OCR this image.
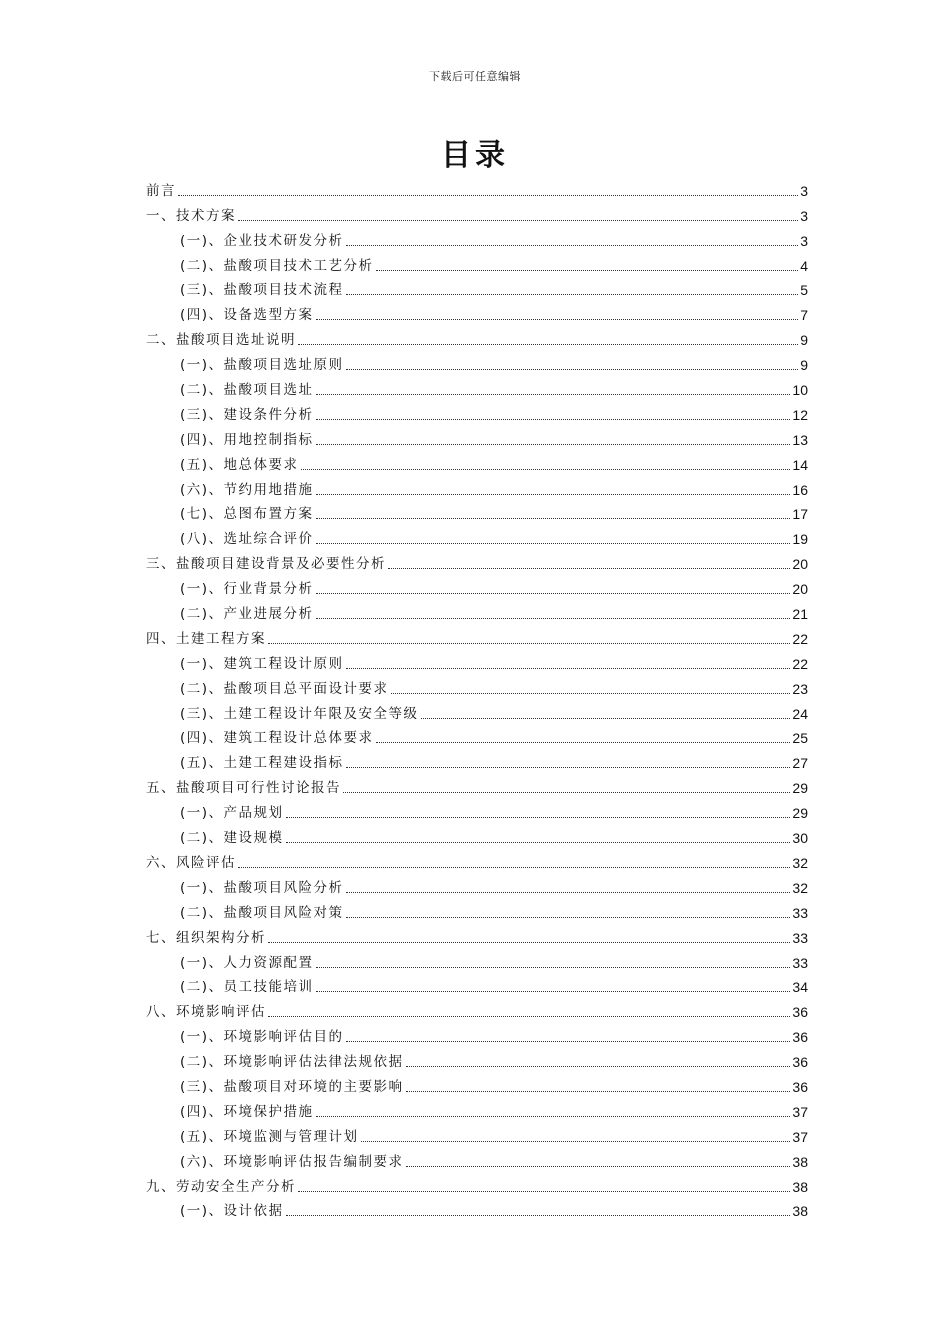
下载后可任意编辑
目录
前言	3
一、技术方案	3
(一)、企业技术研发分析	3
(二)、盐酸项目技术工艺分析	4
(三)、盐酸项目技术流程	5
(四)、设备选型方案	7
二、盐酸项目选址说明	9
(一)、盐酸项目选址原则	9
(二)、盐酸项目选址	10
(三)、建设条件分析	12
(四)、用地控制指标	13
(五)、地总体要求	14
(六)、节约用地措施	16
(七)、总图布置方案	17
(八)、选址综合评价	19
三、盐酸项目建设背景及必要性分析	20
(一)、行业背景分析	20
(二)、产业进展分析	21
四、土建工程方案	22
(一)、建筑工程设计原则	22
(二)、盐酸项目总平面设计要求	23
(三)、土建工程设计年限及安全等级	24
(四)、建筑工程设计总体要求	25
(五)、土建工程建设指标	27
五、盐酸项目可行性讨论报告	29
(一)、产品规划	29
(二)、建设规模	30
六、风险评估	32
(一)、盐酸项目风险分析	32
(二)、盐酸项目风险对策	33
七、组织架构分析	33
(一)、人力资源配置	33
(二)、员工技能培训	34
八、环境影响评估	36
(一)、环境影响评估目的	36
(二)、环境影响评估法律法规依据	36
(三)、盐酸项目对环境的主要影响	36
(四)、环境保护措施	37
(五)、环境监测与管理计划	37
(六)、环境影响评估报告编制要求	38
九、劳动安全生产分析	38
(一)、设计依据	38
